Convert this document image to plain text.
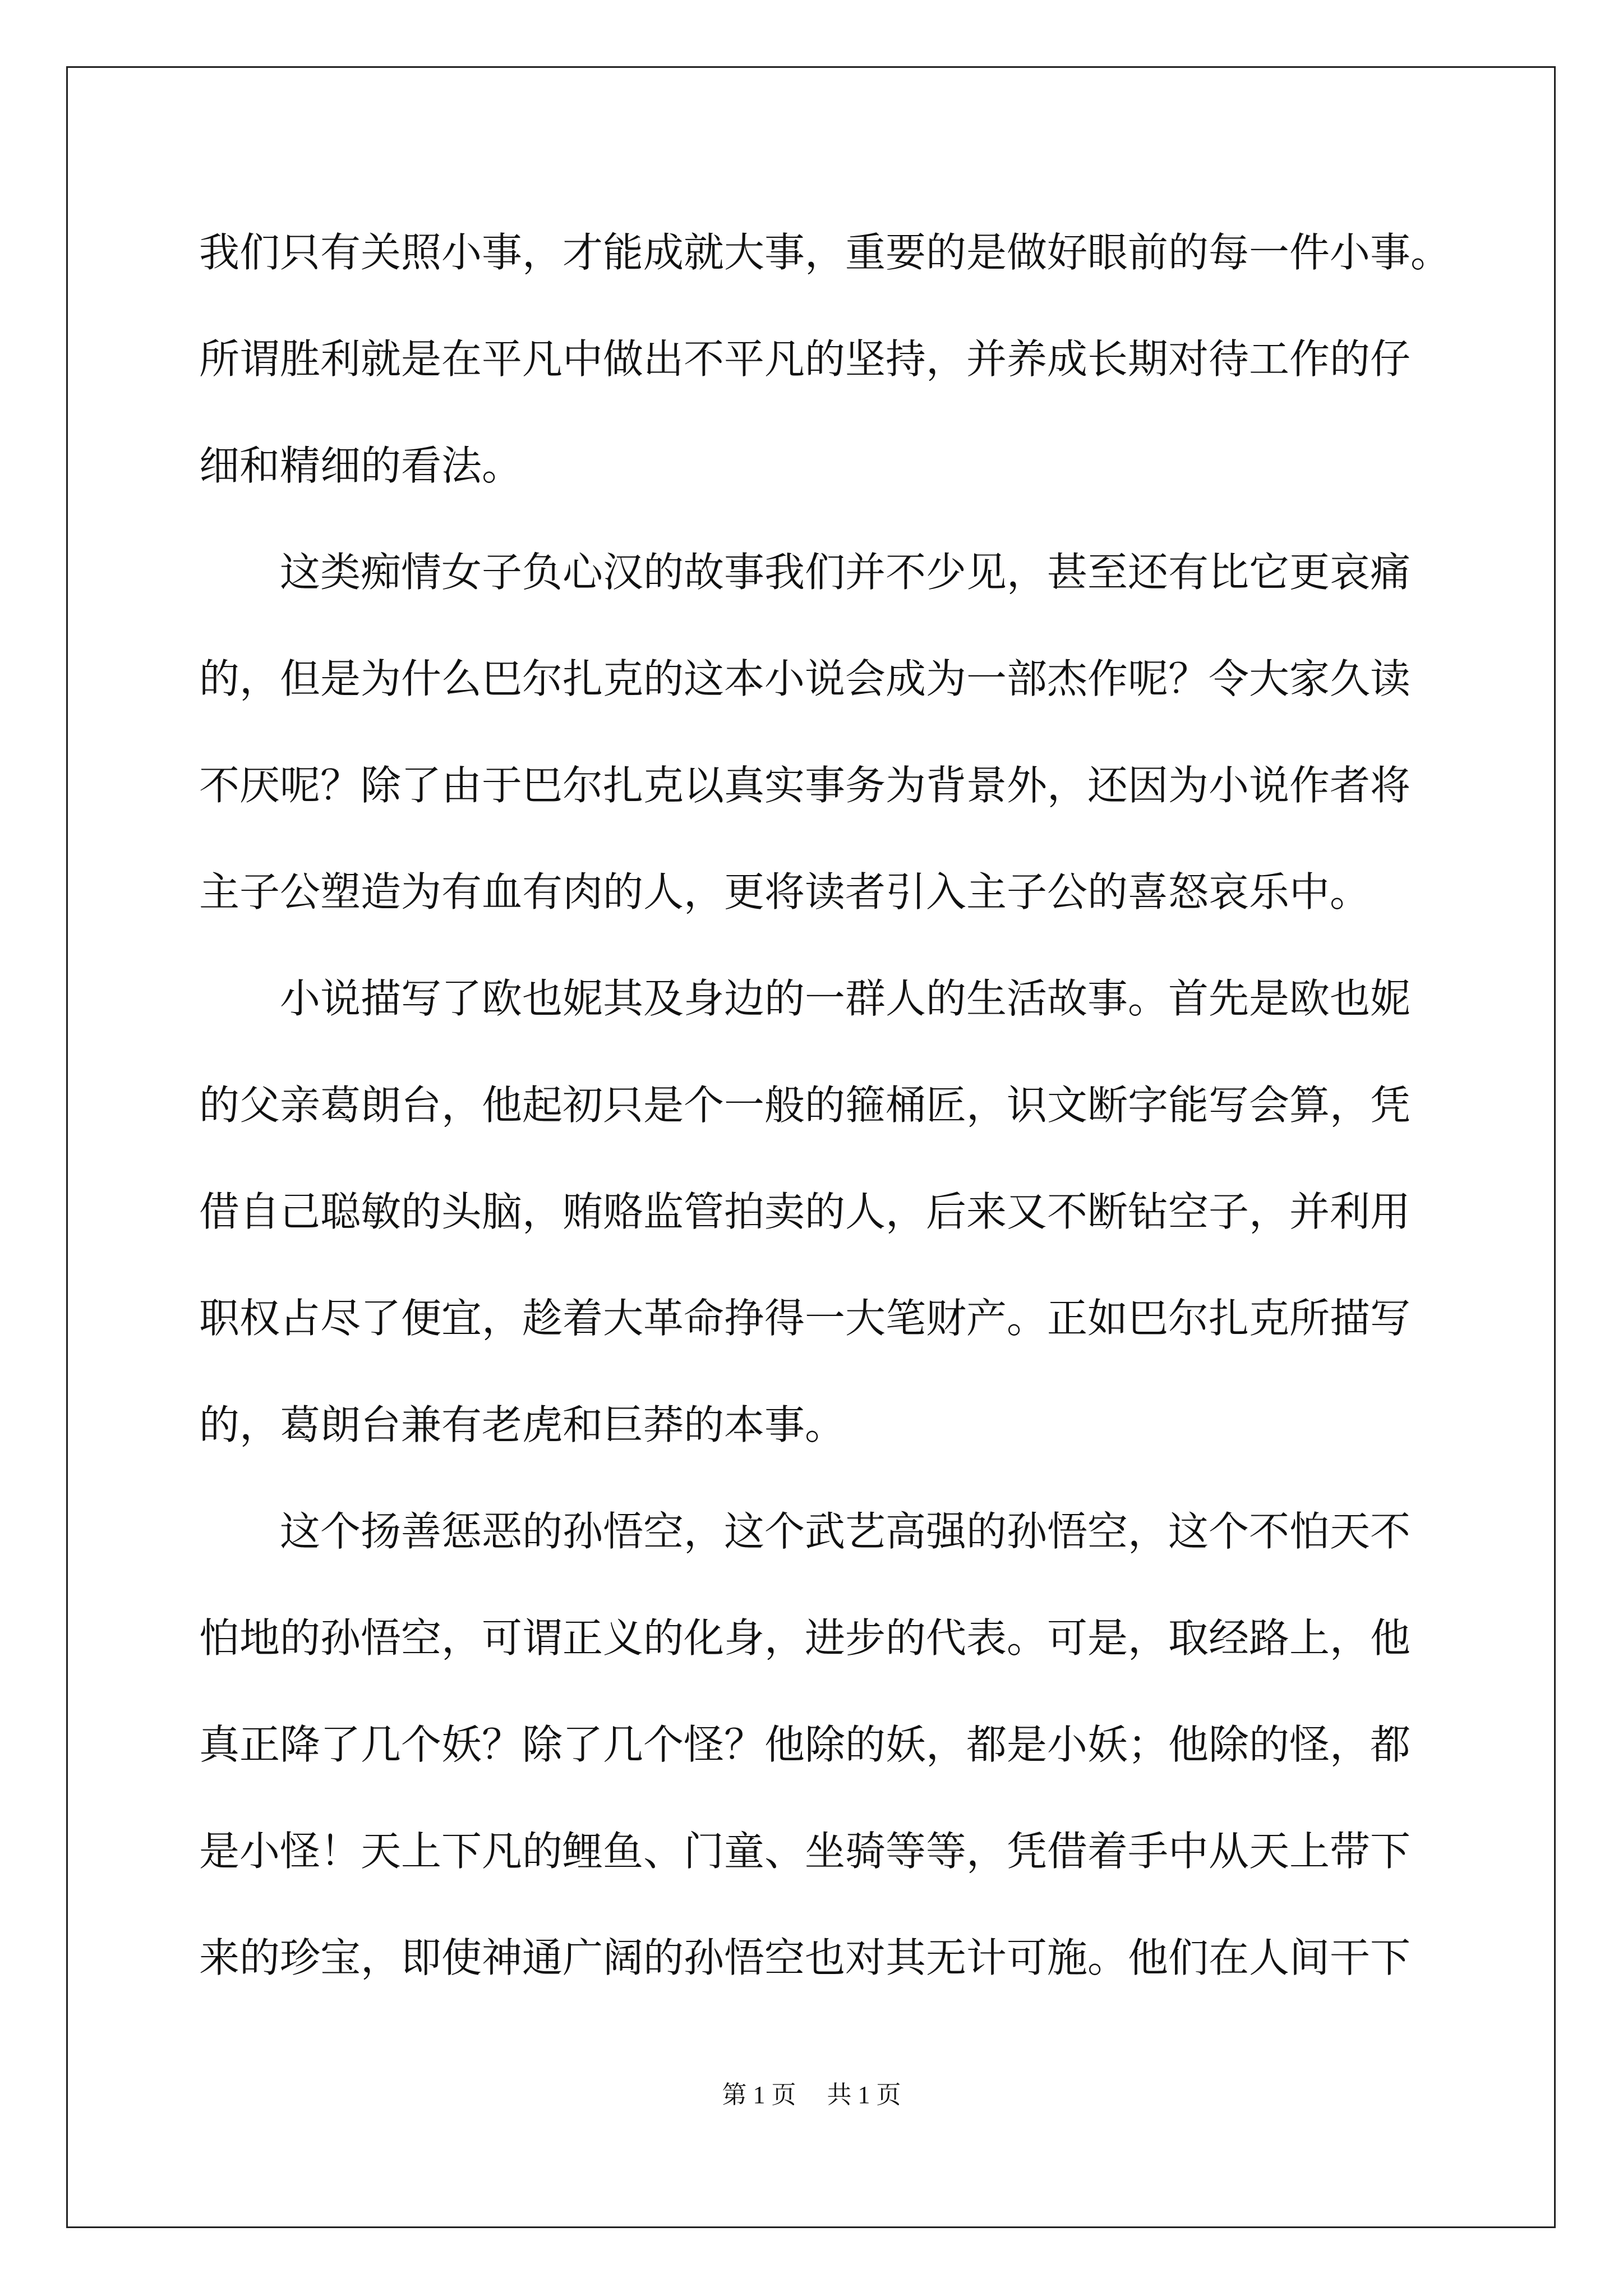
我们只有关照小事，才能成就大事，重要的是做好眼前的每一件小事。
所谓胜利就是在平凡中做出不平凡的坚持，并养成长期对待工作的仔
细和精细的看法。
　　这类痴情女子负心汉的故事我们并不少见，甚至还有比它更哀痛
的，但是为什么巴尔扎克的这本小说会成为一部杰作呢？令大家久读
不厌呢？除了由于巴尔扎克以真实事务为背景外，还因为小说作者将
主子公塑造为有血有肉的人，更将读者引入主子公的喜怒哀乐中。
　　小说描写了欧也妮其及身边的一群人的生活故事。首先是欧也妮
的父亲葛朗台，他起初只是个一般的箍桶匠，识文断字能写会算，凭
借自己聪敏的头脑，贿赂监管拍卖的人，后来又不断钻空子，并利用
职权占尽了便宜，趁着大革命挣得一大笔财产。正如巴尔扎克所描写
的，葛朗台兼有老虎和巨莽的本事。
　　这个扬善惩恶的孙悟空，这个武艺高强的孙悟空，这个不怕天不
怕地的孙悟空，可谓正义的化身，进步的代表。可是，取经路上，他
真正降了几个妖？除了几个怪？他除的妖，都是小妖；他除的怪，都
是小怪！天上下凡的鲤鱼、门童、坐骑等等，凭借着手中从天上带下
来的珍宝，即使神通广阔的孙悟空也对其无计可施。他们在人间干下
第 1 页　 共 1 页
